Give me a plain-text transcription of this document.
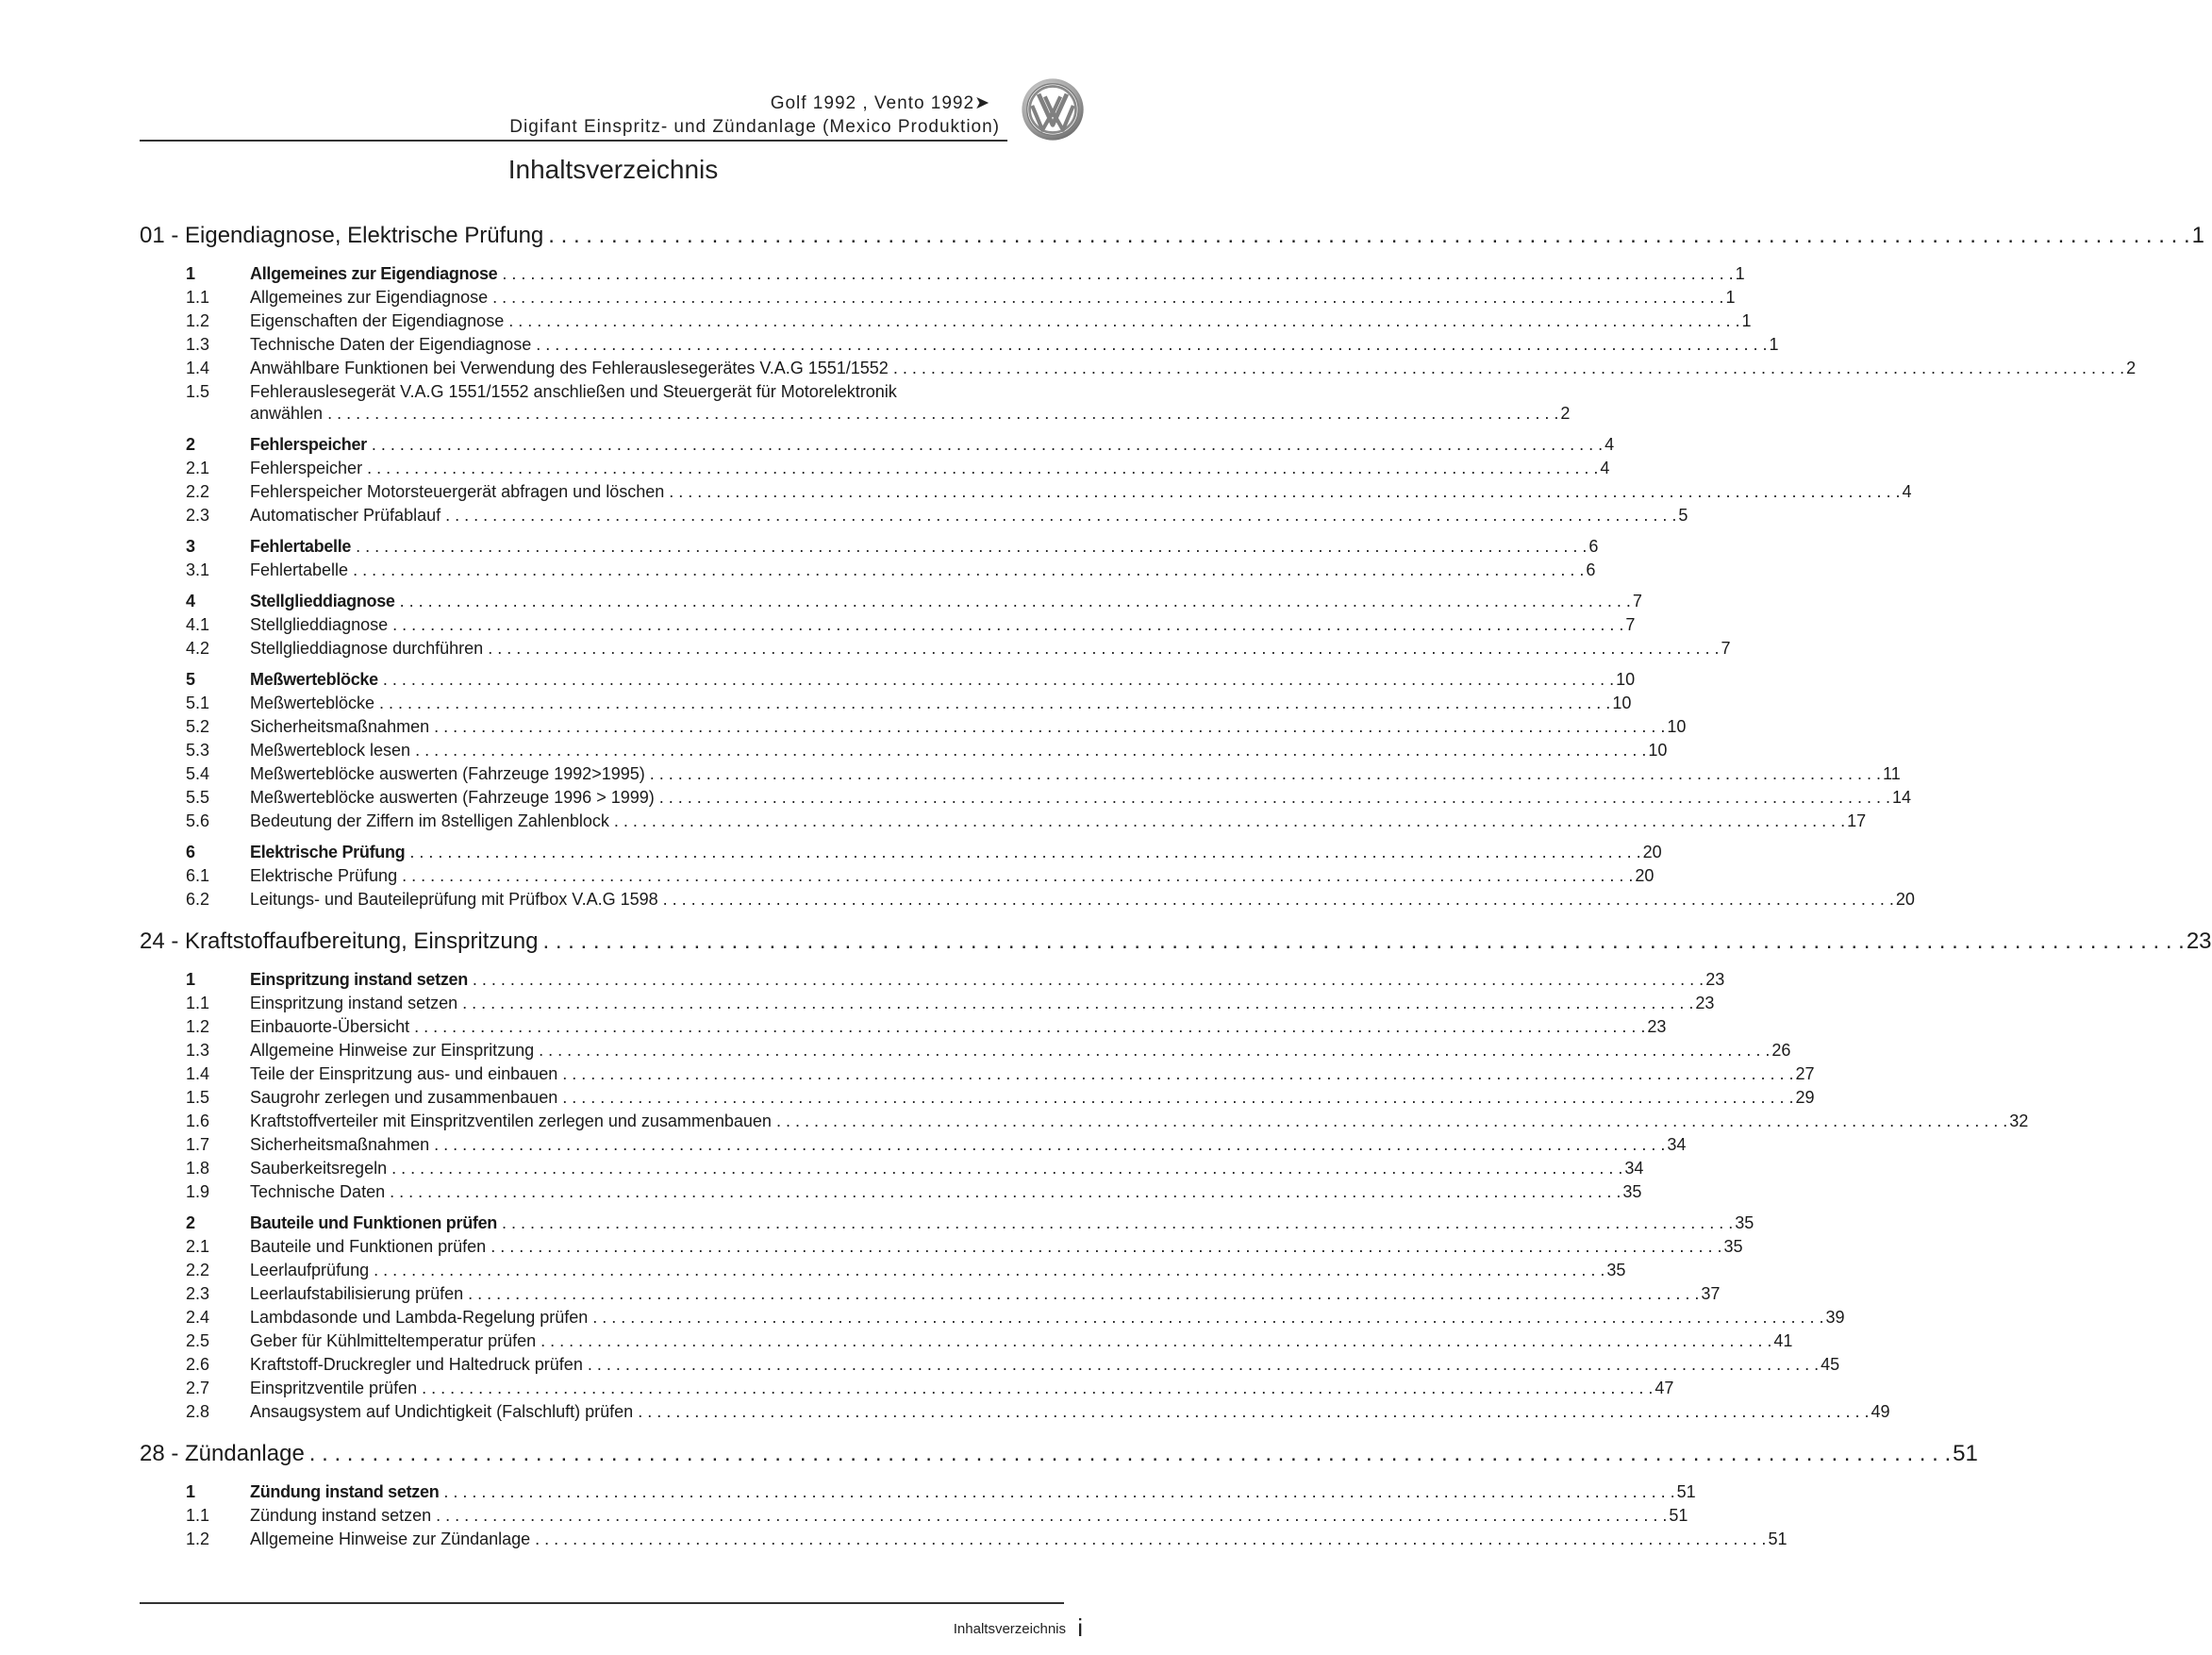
Golf 1992 , Vento 1992➤
Digifant Einspritz- und Zündanlage (Mexico Produktion)
Inhaltsverzeichnis
01 - Eigendiagnose, Elektrische Prüfung . . .	1
1	Allgemeines zur Eigendiagnose . . .	1
1.1	Allgemeines zur Eigendiagnose . . .	1
1.2	Eigenschaften der Eigendiagnose . . .	1
1.3	Technische Daten der Eigendiagnose . . .	1
1.4	Anwählbare Funktionen bei Verwendung des Fehlerauslesegerätes V.A.G 1551/1552 . . .	2
1.5	Fehlerauslesegerät V.A.G 1551/1552 anschließen und Steuergerät für Motorelektronik
anwählen . . .	2
2	Fehlerspeicher . . .	4
2.1	Fehlerspeicher . . .	4
2.2	Fehlerspeicher Motorsteuergerät abfragen und löschen . . .	4
2.3	Automatischer Prüfablauf . . .	5
3	Fehlertabelle . . .	6
3.1	Fehlertabelle . . .	6
4	Stellglieddiagnose . . .	7
4.1	Stellglieddiagnose . . .	7
4.2	Stellglieddiagnose durchführen . . .	7
5	Meßwerteblöcke . . .	10
5.1	Meßwerteblöcke . . .	10
5.2	Sicherheitsmaßnahmen . . .	10
5.3	Meßwerteblock lesen . . .	10
5.4	Meßwerteblöcke auswerten (Fahrzeuge 1992>1995) . . .	11
5.5	Meßwerteblöcke auswerten (Fahrzeuge 1996 > 1999) . . .	14
5.6	Bedeutung der Ziffern im 8stelligen Zahlenblock . . .	17
6	Elektrische Prüfung . . .	20
6.1	Elektrische Prüfung . . .	20
6.2	Leitungs- und Bauteileprüfung mit Prüfbox V.A.G 1598 . . .	20
24 - Kraftstoffaufbereitung, Einspritzung . . .	23
1	Einspritzung instand setzen . . .	23
1.1	Einspritzung instand setzen . . .	23
1.2	Einbauorte-Übersicht . . .	23
1.3	Allgemeine Hinweise zur Einspritzung . . .	26
1.4	Teile der Einspritzung aus- und einbauen . . .	27
1.5	Saugrohr zerlegen und zusammenbauen . . .	29
1.6	Kraftstoffverteiler mit Einspritzventilen zerlegen und zusammenbauen . . .	32
1.7	Sicherheitsmaßnahmen . . .	34
1.8	Sauberkeitsregeln . . .	34
1.9	Technische Daten . . .	35
2	Bauteile und Funktionen prüfen . . .	35
2.1	Bauteile und Funktionen prüfen . . .	35
2.2	Leerlaufprüfung . . .	35
2.3	Leerlaufstabilisierung prüfen . . .	37
2.4	Lambdasonde und Lambda-Regelung prüfen . . .	39
2.5	Geber für Kühlmitteltemperatur prüfen . . .	41
2.6	Kraftstoff-Druckregler und Haltedruck prüfen . . .	45
2.7	Einspritzventile prüfen . . .	47
2.8	Ansaugsystem auf Undichtigkeit (Falschluft) prüfen . . .	49
28 - Zündanlage . . .	51
1	Zündung instand setzen . . .	51
1.1	Zündung instand setzen . . .	51
1.2	Allgemeine Hinweise zur Zündanlage . . .	51
Inhaltsverzeichnis i
